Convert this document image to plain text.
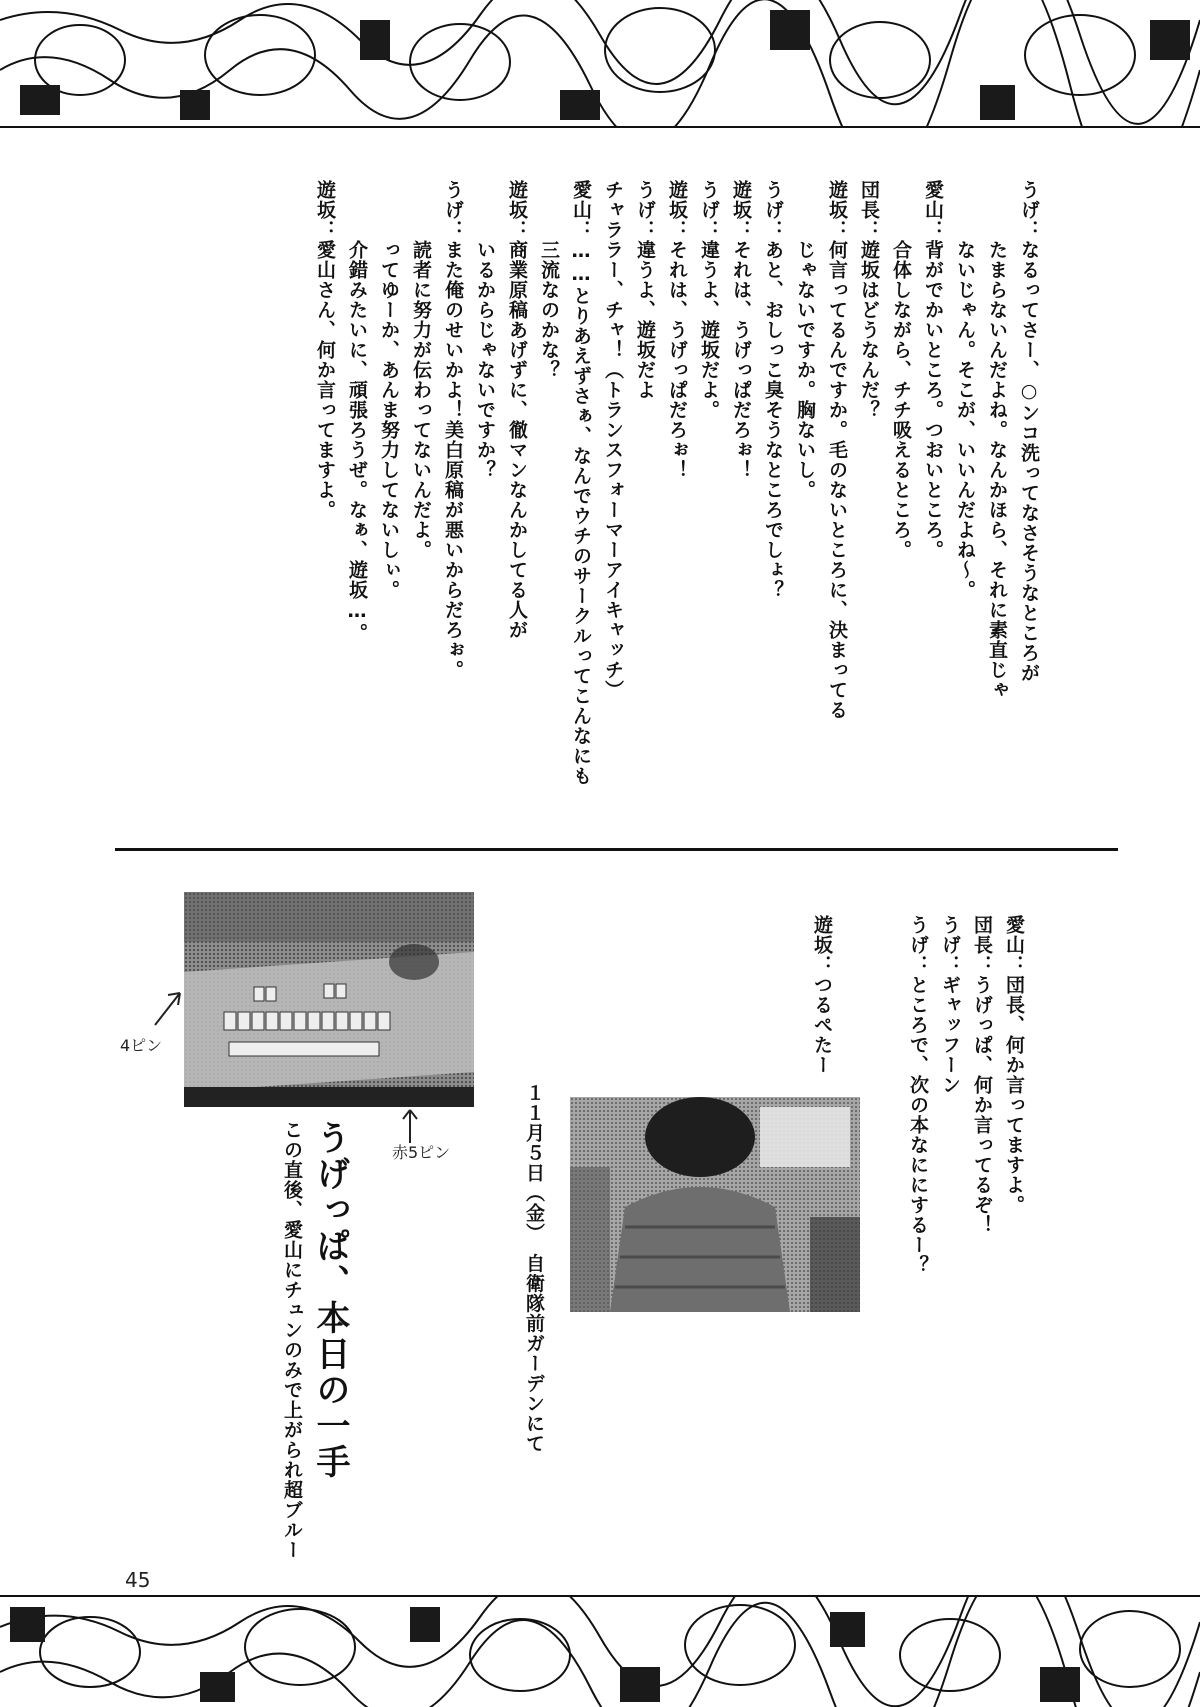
うげ：なるってさー、○ンコ洗ってなさそうなところが
　　　たまらないんだよね。なんかほら、それに素直じゃ
　　　ないじゃん。そこが、いいんだよね〜。
愛山：背がでかいところ。つおいところ。
　　　合体しながら、チチ吸えるところ。
団長：遊坂はどうなんだ？
遊坂：何言ってるんですか。毛のないところに、決まってる
　　　じゃないですか。胸ないし。
うげ：あと、おしっこ臭そうなところでしょ？
遊坂：それは、うげっぱだろぉ！
うげ：違うよ、遊坂だよ。
遊坂：それは、うげっぱだろぉ！
うげ：違うよ、遊坂だよ
チャララー、チャ！（トランスフォーマーアイキャッチ）
愛山：……とりあえずさぁ、なんでウチのサークルってこんなにも
　　　三流なのかな？
遊坂：商業原稿あげずに、徹マンなんかしてる人が
　　　いるからじゃないですか？
うげ：また俺のせいかよ！美白原稿が悪いからだろぉ。
　　　読者に努力が伝わってないんだよ。
　　　ってゆーか、あんま努力してないしぃ。
　　　介錯みたいに、頑張ろうぜ。なぁ、遊坂…。
遊坂：愛山さん、何か言ってますよ。
愛山：団長、何か言ってますよ。
団長：うげっぱ、何か言ってるぞ！
うげ：ギャッフーン
うげ：ところで、次の本なににするー？

遊坂：つるぺたー
4ピン
赤5ピン
うげっぱ、本日の一手
この直後、愛山にチュンのみで上がられ超ブルー	１１月５日（金）　自衛隊前ガーデンにて
45
